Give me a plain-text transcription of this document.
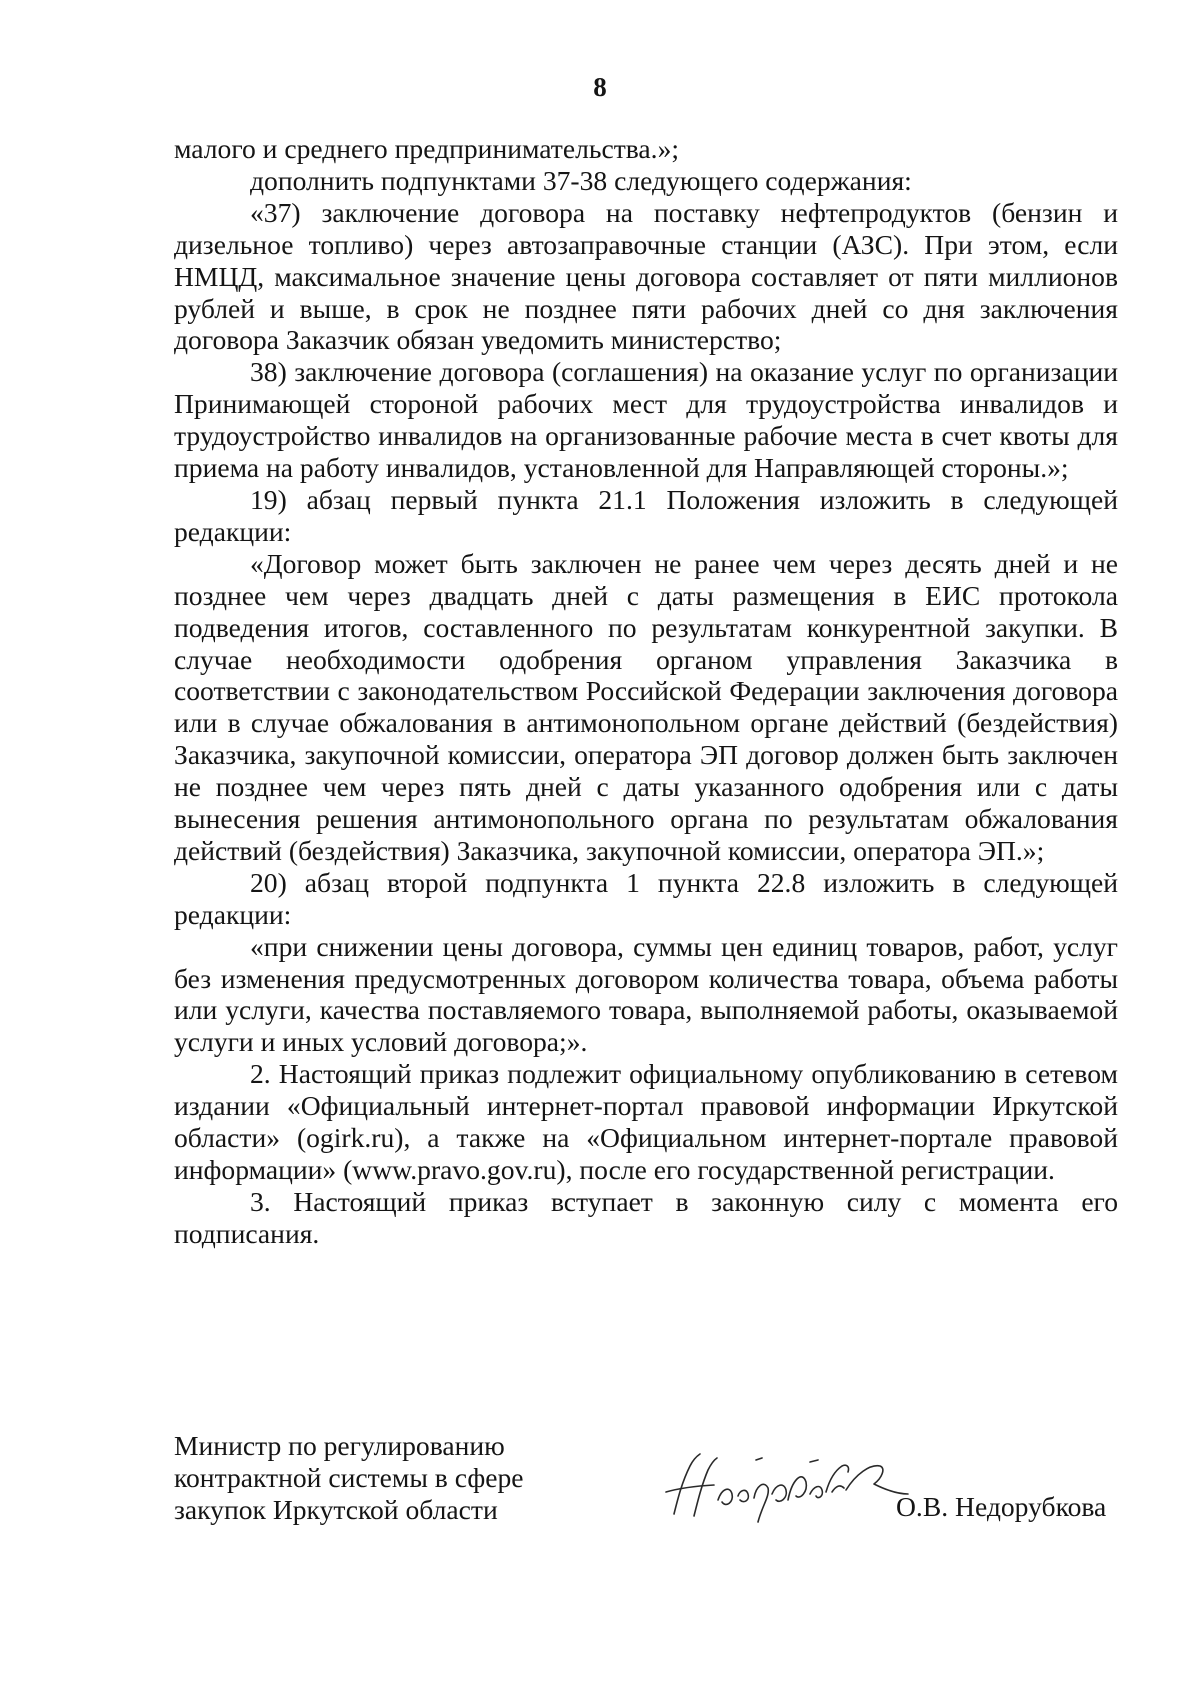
8

малого и среднего предпринимательства.»;

дополнить подпунктами 37-38 следующего содержания:

«37) заключение договора на поставку нефтепродуктов (бензин и дизельное топливо) через автозаправочные станции (АЗС). При этом, если НМЦД, максимальное значение цены договора составляет от пяти миллионов рублей и выше, в срок не позднее пяти рабочих дней со дня заключения договора Заказчик обязан уведомить министерство;

38) заключение договора (соглашения) на оказание услуг по организации Принимающей стороной рабочих мест для трудоустройства инвалидов и трудоустройство инвалидов на организованные рабочие места в счет квоты для приема на работу инвалидов, установленной для Направляющей стороны.»;

19) абзац первый пункта 21.1 Положения изложить в следующей редакции:

«Договор может быть заключен не ранее чем через десять дней и не позднее чем через двадцать дней с даты размещения в ЕИС протокола подведения итогов, составленного по результатам конкурентной закупки. В случае необходимости одобрения органом управления Заказчика в соответствии с законодательством Российской Федерации заключения договора или в случае обжалования в антимонопольном органе действий (бездействия) Заказчика, закупочной комиссии, оператора ЭП договор должен быть заключен не позднее чем через пять дней с даты указанного одобрения или с даты вынесения решения антимонопольного органа по результатам обжалования действий (бездействия) Заказчика, закупочной комиссии, оператора ЭП.»;

20) абзац второй подпункта 1 пункта 22.8 изложить в следующей редакции:

«при снижении цены договора, суммы цен единиц товаров, работ, услуг без изменения предусмотренных договором количества товара, объема работы или услуги, качества поставляемого товара, выполняемой работы, оказываемой услуги и иных условий договора;».

2. Настоящий приказ подлежит официальному опубликованию в сетевом издании «Официальный интернет-портал правовой информации Иркутской области» (ogirk.ru), а также на «Официальном интернет-портале правовой информации» (www.pravo.gov.ru), после его государственной регистрации.

3. Настоящий приказ вступает в законную силу с момента его подписания.

Министр по регулированию
контрактной системы в сфере
закупок Иркутской области
Недорубкова
О.В. Недорубкова
